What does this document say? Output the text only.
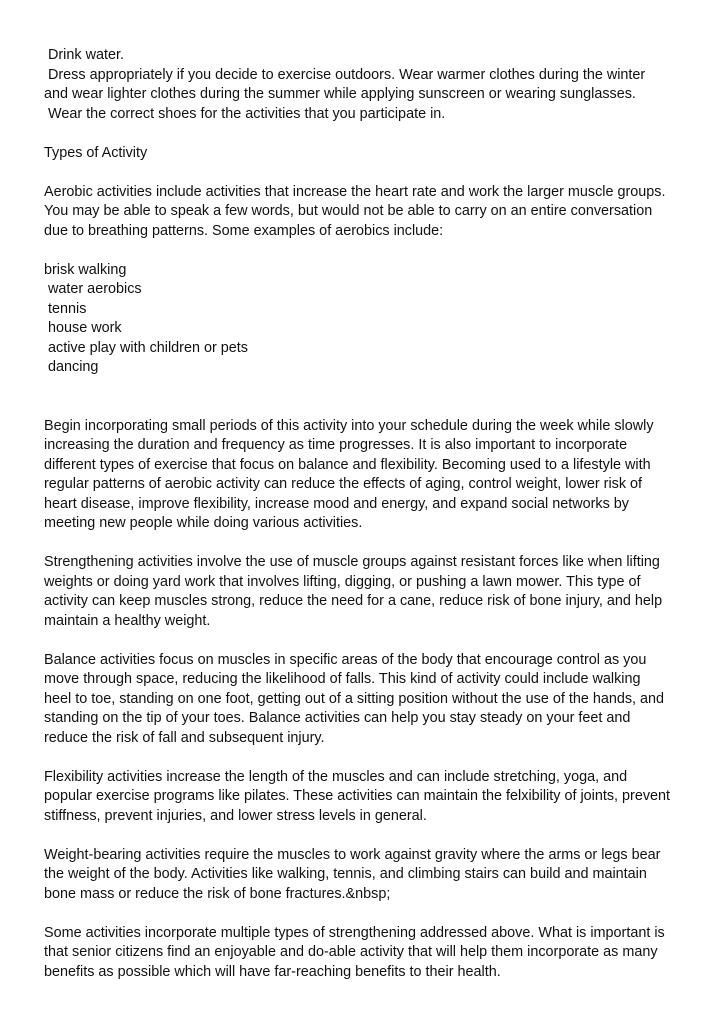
Drink water.
Dress appropriately if you decide to exercise outdoors. Wear warmer clothes during the winter
and wear lighter clothes during the summer while applying sunscreen or wearing sunglasses.
Wear the correct shoes for the activities that you participate in.
Types of Activity
Aerobic activities include activities that increase the heart rate and work the larger muscle groups.
You may be able to speak a few words, but would not be able to carry on an entire conversation
due to breathing patterns. Some examples of aerobics include:
brisk walking
water aerobics
tennis
house work
active play with children or pets
dancing
Begin incorporating small periods of this activity into your schedule during the week while slowly
increasing the duration and frequency as time progresses. It is also important to incorporate
different types of exercise that focus on balance and flexibility. Becoming used to a lifestyle with
regular patterns of aerobic activity can reduce the effects of aging, control weight, lower risk of
heart disease, improve flexibility, increase mood and energy, and expand social networks by
meeting new people while doing various activities.
Strengthening activities involve the use of muscle groups against resistant forces like when lifting
weights or doing yard work that involves lifting, digging, or pushing a lawn mower. This type of
activity can keep muscles strong, reduce the need for a cane, reduce risk of bone injury, and help
maintain a healthy weight.
Balance activities focus on muscles in specific areas of the body that encourage control as you
move through space, reducing the likelihood of falls. This kind of activity could include walking
heel to toe, standing on one foot, getting out of a sitting position without the use of the hands, and
standing on the tip of your toes. Balance activities can help you stay steady on your feet and
reduce the risk of fall and subsequent injury.
Flexibility activities increase the length of the muscles and can include stretching, yoga, and
popular exercise programs like pilates. These activities can maintain the felxibility of joints, prevent
stiffness, prevent injuries, and lower stress levels in general.
Weight-bearing activities require the muscles to work against gravity where the arms or legs bear
the weight of the body. Activities like walking, tennis, and climbing stairs can build and maintain
bone mass or reduce the risk of bone fractures.&nbsp;
Some activities incorporate multiple types of strengthening addressed above. What is important is
that senior citizens find an enjoyable and do-able activity that will help them incorporate as many
benefits as possible which will have far-reaching benefits to their health.
